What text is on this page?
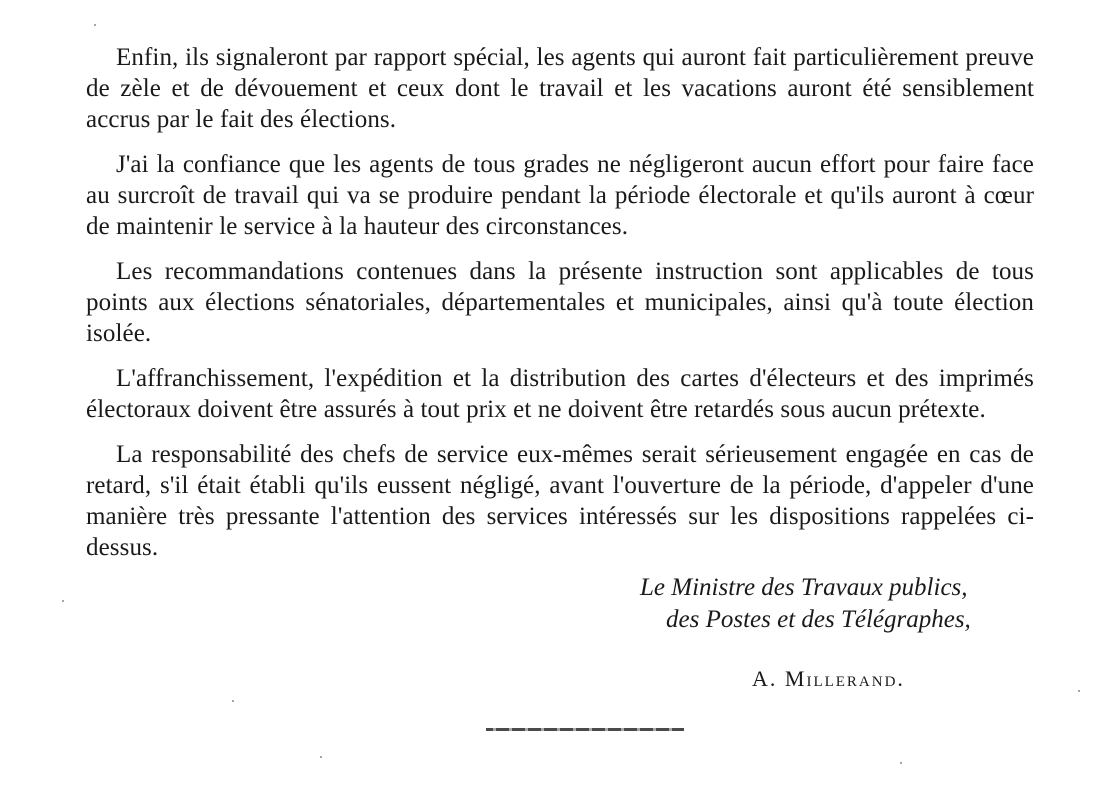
Enfin, ils signaleront par rapport spécial, les agents qui auront fait particulièrement preuve de zèle et de dévouement et ceux dont le travail et les vacations auront été sensiblement accrus par le fait des élections.

J'ai la confiance que les agents de tous grades ne négligeront aucun effort pour faire face au surcroît de travail qui va se produire pendant la période électorale et qu'ils auront à cœur de maintenir le service à la hauteur des circonstances.

Les recommandations contenues dans la présente instruction sont applicables de tous points aux élections sénatoriales, départementales et municipales, ainsi qu'à toute élection isolée.

L'affranchissement, l'expédition et la distribution des cartes d'électeurs et des imprimés électoraux doivent être assurés à tout prix et ne doivent être retardés sous aucun prétexte.

La responsabilité des chefs de service eux-mêmes serait sérieusement engagée en cas de retard, s'il était établi qu'ils eussent négligé, avant l'ouverture de la période, d'appeler d'une manière très pressante l'attention des services intéressés sur les dispositions rappelées ci-dessus.

Le Ministre des Travaux publics,
des Postes et des Télégraphes,
A. Millerand.
